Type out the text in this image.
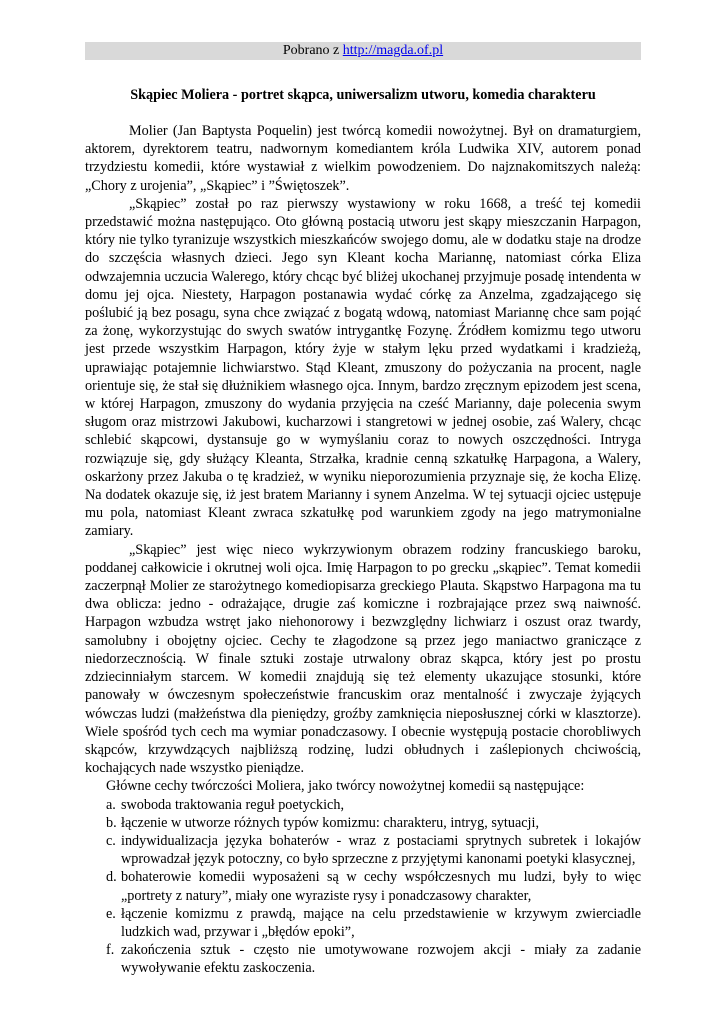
Pobrano z http://magda.of.pl
Skąpiec Moliera - portret skąpca, uniwersalizm utworu, komedia charakteru

Molier (Jan Baptysta Poquelin) jest twórcą komedii nowożytnej. Był on dramaturgiem, aktorem, dyrektorem teatru, nadwornym komediantem króla Ludwika XIV, autorem ponad trzydziestu komedii, które wystawiał z wielkim powodzeniem. Do najznakomitszych należą: „Chory z urojenia”, „Skąpiec” i ”Świętoszek”.

„Skąpiec” został po raz pierwszy wystawiony w roku 1668, a treść tej komedii przedstawić można następująco. Oto główną postacią utworu jest skąpy mieszczanin Harpagon, który nie tylko tyranizuje wszystkich mieszkańców swojego domu, ale w dodatku staje na drodze do szczęścia własnych dzieci. Jego syn Kleant kocha Mariannę, natomiast córka Eliza odwzajemnia uczucia Walerego, który chcąc być bliżej ukochanej przyjmuje posadę intendenta w domu jej ojca. Niestety, Harpagon postanawia wydać córkę za Anzelma, zgadzającego się poślubić ją bez posagu, syna chce związać z bogatą wdową, natomiast Mariannę chce sam pojąć za żonę, wykorzystując do swych swatów intrygantkę Fozynę. Źródłem komizmu tego utworu jest przede wszystkim Harpagon, który żyje w stałym lęku przed wydatkami i kradzieżą, uprawiając potajemnie lichwiarstwo. Stąd Kleant, zmuszony do pożyczania na procent, nagle orientuje się, że stał się dłużnikiem własnego ojca. Innym, bardzo zręcznym epizodem jest scena, w której Harpagon, zmuszony do wydania przyjęcia na cześć Marianny, daje polecenia swym sługom oraz mistrzowi Jakubowi, kucharzowi i stangretowi w jednej osobie, zaś Walery, chcąc schlebić skąpcowi, dystansuje go w wymyślaniu coraz to nowych oszczędności. Intryga rozwiązuje się, gdy służący Kleanta, Strzałka, kradnie cenną szkatułkę Harpagona, a Walery, oskarżony przez Jakuba o tę kradzież, w wyniku nieporozumienia przyznaje się, że kocha Elizę. Na dodatek okazuje się, iż jest bratem Marianny i synem Anzelma. W tej sytuacji ojciec ustępuje mu pola, natomiast Kleant zwraca szkatułkę pod warunkiem zgody na jego matrymonialne zamiary.

„Skąpiec” jest więc nieco wykrzywionym obrazem rodziny francuskiego baroku, poddanej całkowicie i okrutnej woli ojca. Imię Harpagon to po grecku „skąpiec”. Temat komedii zaczerpnął Molier ze starożytnego komediopisarza greckiego Plauta. Skąpstwo Harpagona ma tu dwa oblicza: jedno - odrażające, drugie zaś komiczne i rozbrajające przez swą naiwność. Harpagon wzbudza wstręt jako niehonorowy i bezwzględny lichwiarz i oszust oraz twardy, samolubny i obojętny ojciec. Cechy te złagodzone są przez jego maniactwo graniczące z niedorzecznością. W finale sztuki zostaje utrwalony obraz skąpca, który jest po prostu zdziecinniałym starcem. W komedii znajdują się też elementy ukazujące stosunki, które panowały w ówczesnym społeczeństwie francuskim oraz mentalność i zwyczaje żyjących wówczas ludzi (małżeństwa dla pieniędzy, groźby zamknięcia nieposłusznej córki w klasztorze). Wiele spośród tych cech ma wymiar ponadczasowy. I obecnie występują postacie chorobliwych skąpców, krzywdzących najbliższą rodzinę, ludzi obłudnych i zaślepionych chciwością, kochających nade wszystko pieniądze.

Główne cechy twórczości Moliera, jako twórcy nowożytnej komedii są następujące:

a. swoboda traktowania reguł poetyckich,
b. łączenie w utworze różnych typów komizmu: charakteru, intryg, sytuacji,
c. indywidualizacja języka bohaterów - wraz z postaciami sprytnych subretek i lokajów wprowadzał język potoczny, co było sprzeczne z przyjętymi kanonami poetyki klasycznej,
d. bohaterowie komedii wyposażeni są w cechy współczesnych mu ludzi, były to więc „portrety z natury”, miały one wyraziste rysy i ponadczasowy charakter,
e. łączenie komizmu z prawdą, mające na celu przedstawienie w krzywym zwierciadle ludzkich wad, przywar i „błędów epoki”,
f. zakończenia sztuk - często nie umotywowane rozwojem akcji - miały za zadanie wywoływanie efektu zaskoczenia.
